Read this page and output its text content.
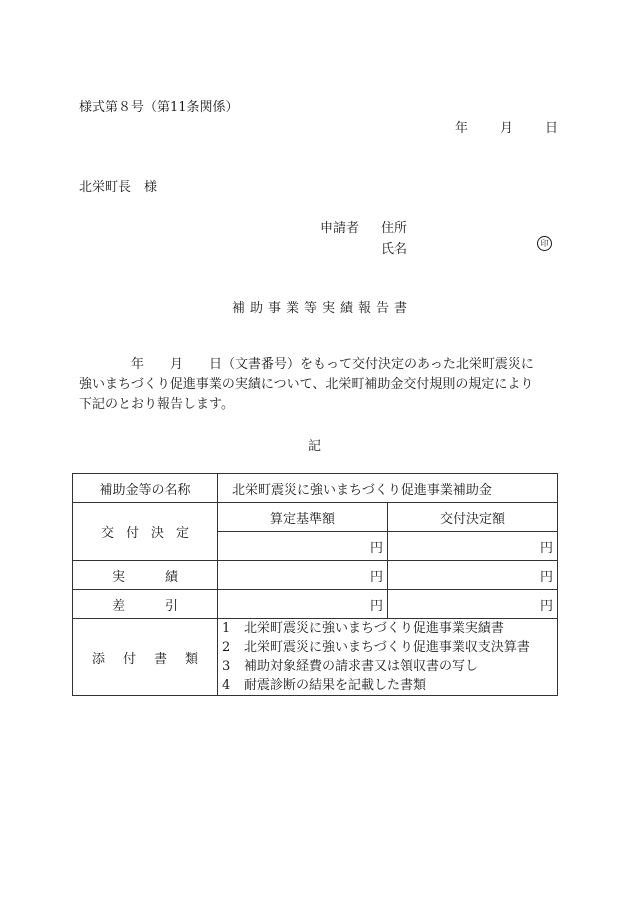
様式第８号（第11条関係）
年 月 日
北栄町長　様
申請者 住所
氏名	印
補助事業等実績報告書
　　　　年　　月　　日（文書番号）をもって交付決定のあった北栄町震災に
強いまちづくり促進事業の実績について、北栄町補助金交付規則の規定により
下記のとおり報告します。
記
補助金等の名称	北栄町震災に強いまちづくり促進事業補助金	
交付決定	算定基準額	交付決定額
	円	円
実績	円	円
差引	円	円
添付書類	1 北栄町震災に強いまちづくり促進事業実績書
2 北栄町震災に強いまちづくり促進事業収支決算書
3 補助対象経費の請求書又は領収書の写し
4 耐震診断の結果を記載した書類	
